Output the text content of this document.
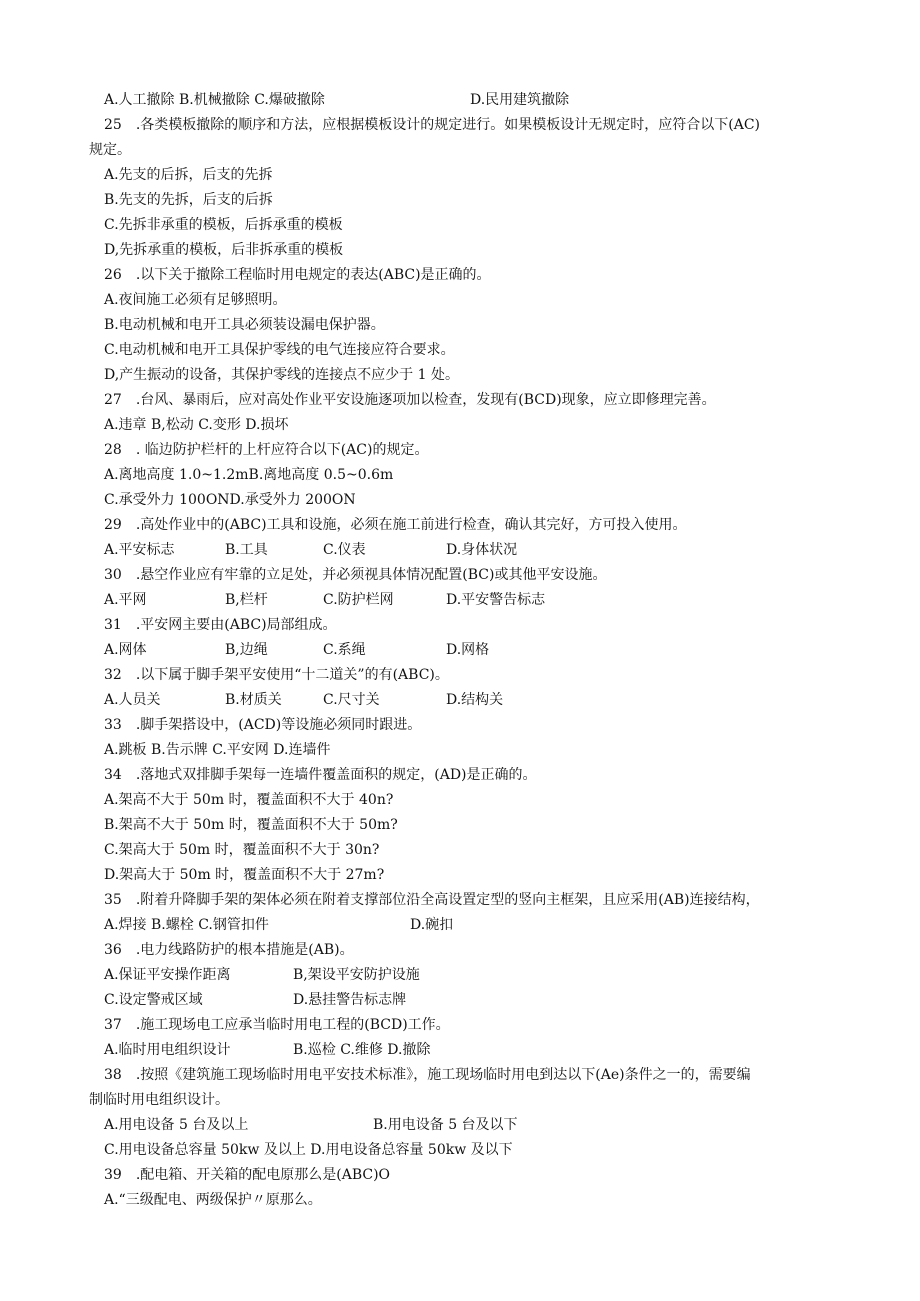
A.人工撤除 B.机械撤除 C.爆破撤除	D.民用建筑撤除
25　.各类模板撤除的顺序和方法，应根据模板设计的规定进行。如果模板设计无规定时，应符合以下(AC)
规定。
A.先支的后拆，后支的先拆
B.先支的先拆，后支的后拆
C.先拆非承重的模板，后拆承重的模板
D,先拆承重的模板，后非拆承重的模板
26　.以下关于撤除工程临时用电规定的表达(ABC)是正确的。
A.夜间施工必须有足够照明。
B.电动机械和电开工具必须装设漏电保护器。
C.电动机械和电开工具保护零线的电气连接应符合要求。
D,产生振动的设备，其保护零线的连接点不应少于 1 处。
27　.台风、暴雨后，应对高处作业平安设施逐项加以检查，发现有(BCD)现象，应立即修理完善。
A.违章 B,松动 C.变形 D.损坏
28　. 临边防护栏杆的上杆应符合以下(AC)的规定。
A.离地高度 1.0~1.2mB.离地高度 0.5~0.6m
C.承受外力 100OND.承受外力 200ON
29　.高处作业中的(ABC)工具和设施，必须在施工前进行检查，确认其完好，方可投入使用。
A.平安标志	B.工具	C.仪表	D.身体状况
30　.悬空作业应有牢靠的立足处，并必须视具体情况配置(BC)或其他平安设施。
A.平网	B,栏杆	C.防护栏网	D.平安警告标志
31　.平安网主要由(ABC)局部组成。
A.网体	B,边绳	C.系绳	D.网格
32　.以下属于脚手架平安使用“十二道关”的有(ABC)。
A.人员关	B.材质关	C.尺寸关	D.结构关
33　.脚手架搭设中，(ACD)等设施必须同时跟进。
A.跳板 B.告示牌 C.平安网 D.连墙件
34　.落地式双排脚手架每一连墙件覆盖面积的规定，(AD)是正确的。
A.架高不大于 50m 时，覆盖面积不大于 40n?
B.架高不大于 50m 时，覆盖面积不大于 50m?
C.架高大于 50m 时，覆盖面积不大于 30n?
D.架高大于 50m 时，覆盖面积不大于 27m?
35　.附着升降脚手架的架体必须在附着支撑部位沿全高设置定型的竖向主框架，且应采用(AB)连接结构，
A.焊接 B.螺栓 C.钢管扣件	D.碗扣
36　.电力线路防护的根本措施是(AB)。
A.保证平安操作距离	B,架设平安防护设施
C.设定警戒区域	D.悬挂警告标志牌
37　.施工现场电工应承当临时用电工程的(BCD)工作。
A.临时用电组织设计	B.巡检 C.维修 D.撤除
38　.按照《建筑施工现场临时用电平安技术标准》，施工现场临时用电到达以下(Ae)条件之一的，需要编
制临时用电组织设计。
A.用电设备 5 台及以上	B.用电设备 5 台及以下
C.用电设备总容量 50kw 及以上 D.用电设备总容量 50kw 及以下
39　.配电箱、开关箱的配电原那么是(ABC)O
A.“三级配电、两级保护〃原那么。
